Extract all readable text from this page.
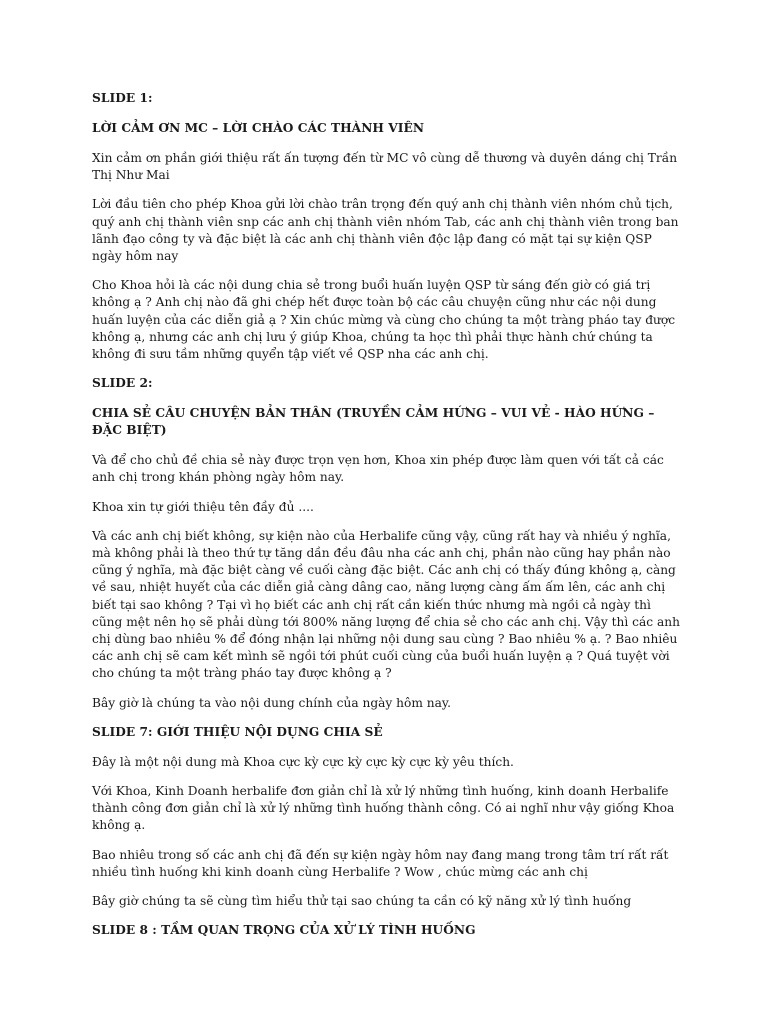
SLIDE 1:
LỜI CẢM ƠN MC – LỜI CHÀO CÁC THÀNH VIÊN

Xin cảm ơn phần giới thiệu rất ấn tượng đến từ MC vô cùng dễ thương và duyên dáng chị Trần Thị Như Mai

Lời đầu tiên cho phép Khoa gửi lời chào trân trọng đến quý anh chị thành viên nhóm chủ tịch, quý anh chị thành viên snp các anh chị thành viên nhóm Tab, các anh chị thành viên trong ban lãnh đạo công ty và đặc biệt là các anh chị thành viên độc lập đang có mặt tại sự kiện QSP ngày hôm nay

Cho Khoa hỏi là các nội dung chia sẻ trong buổi huấn luyện QSP từ sáng đến giờ có giá trị không ạ ? Anh chị nào đã ghi chép hết được toàn bộ các câu chuyện cũng như các nội dung huấn luyện của các diễn giả ạ ? Xin chúc mừng và cùng cho chúng ta một tràng pháo tay được không ạ, nhưng các anh chị lưu ý giúp Khoa, chúng ta học thì phải thực hành chứ chúng ta không đi sưu tầm những quyển tập viết về QSP nha các anh chị.

SLIDE 2:
CHIA SẺ CÂU CHUYỆN BẢN THÂN (TRUYỀN CẢM HỨNG – VUI VẺ - HÀO HỨNG – ĐẶC BIỆT)

Và để cho chủ đề chia sẻ này được trọn vẹn hơn, Khoa xin phép được làm quen với tất cả các anh chị trong khán phòng ngày hôm nay.

Khoa xin tự giới thiệu tên đầy đủ ....

Và các anh chị biết không, sự kiện nào của Herbalife cũng vậy, cũng rất hay và nhiều ý nghĩa, mà không phải là theo thứ tự tăng dần đều đâu nha các anh chị, phần nào cũng hay phần nào cũng ý nghĩa, mà đặc biệt càng về cuối càng đặc biệt. Các anh chị có thấy đúng không ạ, càng về sau, nhiệt huyết của các diễn giả càng dâng cao, năng lượng càng ấm ấm lên, các anh chị biết tại sao không ? Tại vì họ biết các anh chị rất cần kiến thức nhưng mà ngồi cả ngày thì cũng mệt nên họ sẽ phải dùng tới 800% năng lượng để chia sẻ cho các anh chị. Vậy thì các anh chị dùng bao nhiêu % để đóng nhận lại những nội dung sau cùng ? Bao nhiêu % ạ. ? Bao nhiêu các anh chị sẽ cam kết mình sẽ ngồi tới phút cuối cùng của buổi huấn luyện ạ ? Quá tuyệt vời cho chúng ta một tràng pháo tay được không ạ ?

Bây giờ là chúng ta vào nội dung chính của ngày hôm nay.

SLIDE 7: GIỚI THIỆU NỘI DỤNG CHIA SẺ

Đây là một nội dung mà Khoa cực kỳ cực kỳ cực kỳ cực kỳ yêu thích.

Với Khoa, Kinh Doanh herbalife đơn giản chỉ là xử lý những tình huống, kinh doanh Herbalife thành công đơn giản chỉ là xử lý những tình huống thành công. Có ai nghĩ như vậy giống Khoa không ạ.

Bao nhiêu trong số các anh chị đã đến sự kiện ngày hôm nay đang mang trong tâm trí rất rất nhiều tình huống khi kinh doanh cùng Herbalife ? Wow , chúc mừng các anh chị

Bây giờ chúng ta sẽ cùng tìm hiểu thử tại sao chúng ta cần có kỹ năng xử lý tình huống

SLIDE 8 : TẦM QUAN TRỌNG CỦA XỬ LÝ TÌNH HUỐNG
